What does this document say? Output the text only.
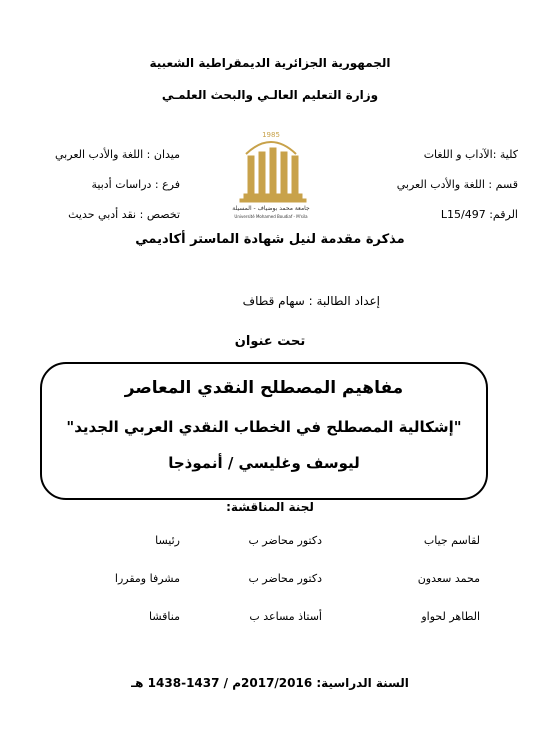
الجمهورية الجزائرية الديمقراطية الشعبية
وزارة التعليم العالـي والبحث العلمـي
كلية :الآداب و اللغات
قسم : اللغة والأدب العربي
الرقم: L15/497
ميدان : اللغة والأدب العربي
فرع : دراسات أدبية
تخصص : نقد أدبي حديث
1985
جامعة محمد بوضياف - المسيلة
Université Mohamed Boudiaf - M'sila
مذكرة مقدمة لنيل شهادة الماستر أكاديمي
إعداد الطالبة : سهام قطاف
تحت عنوان
مفاهيم المصطلح النقدي المعاصر
"إشكالية المصطلح في الخطاب النقدي العربي الجديد"
ليوسف وغليسي / أنموذجا
لجنة المناقشة:
لقاسم جياب
دكتور محاضر ب
رئيسا
محمد سعدون
دكتور محاضر ب
مشرفا ومقررا
الطاهر لحواو
أستاذ مساعد ب
مناقشا
السنة الدراسية: 2017/2016م / 1437-1438 هـ
